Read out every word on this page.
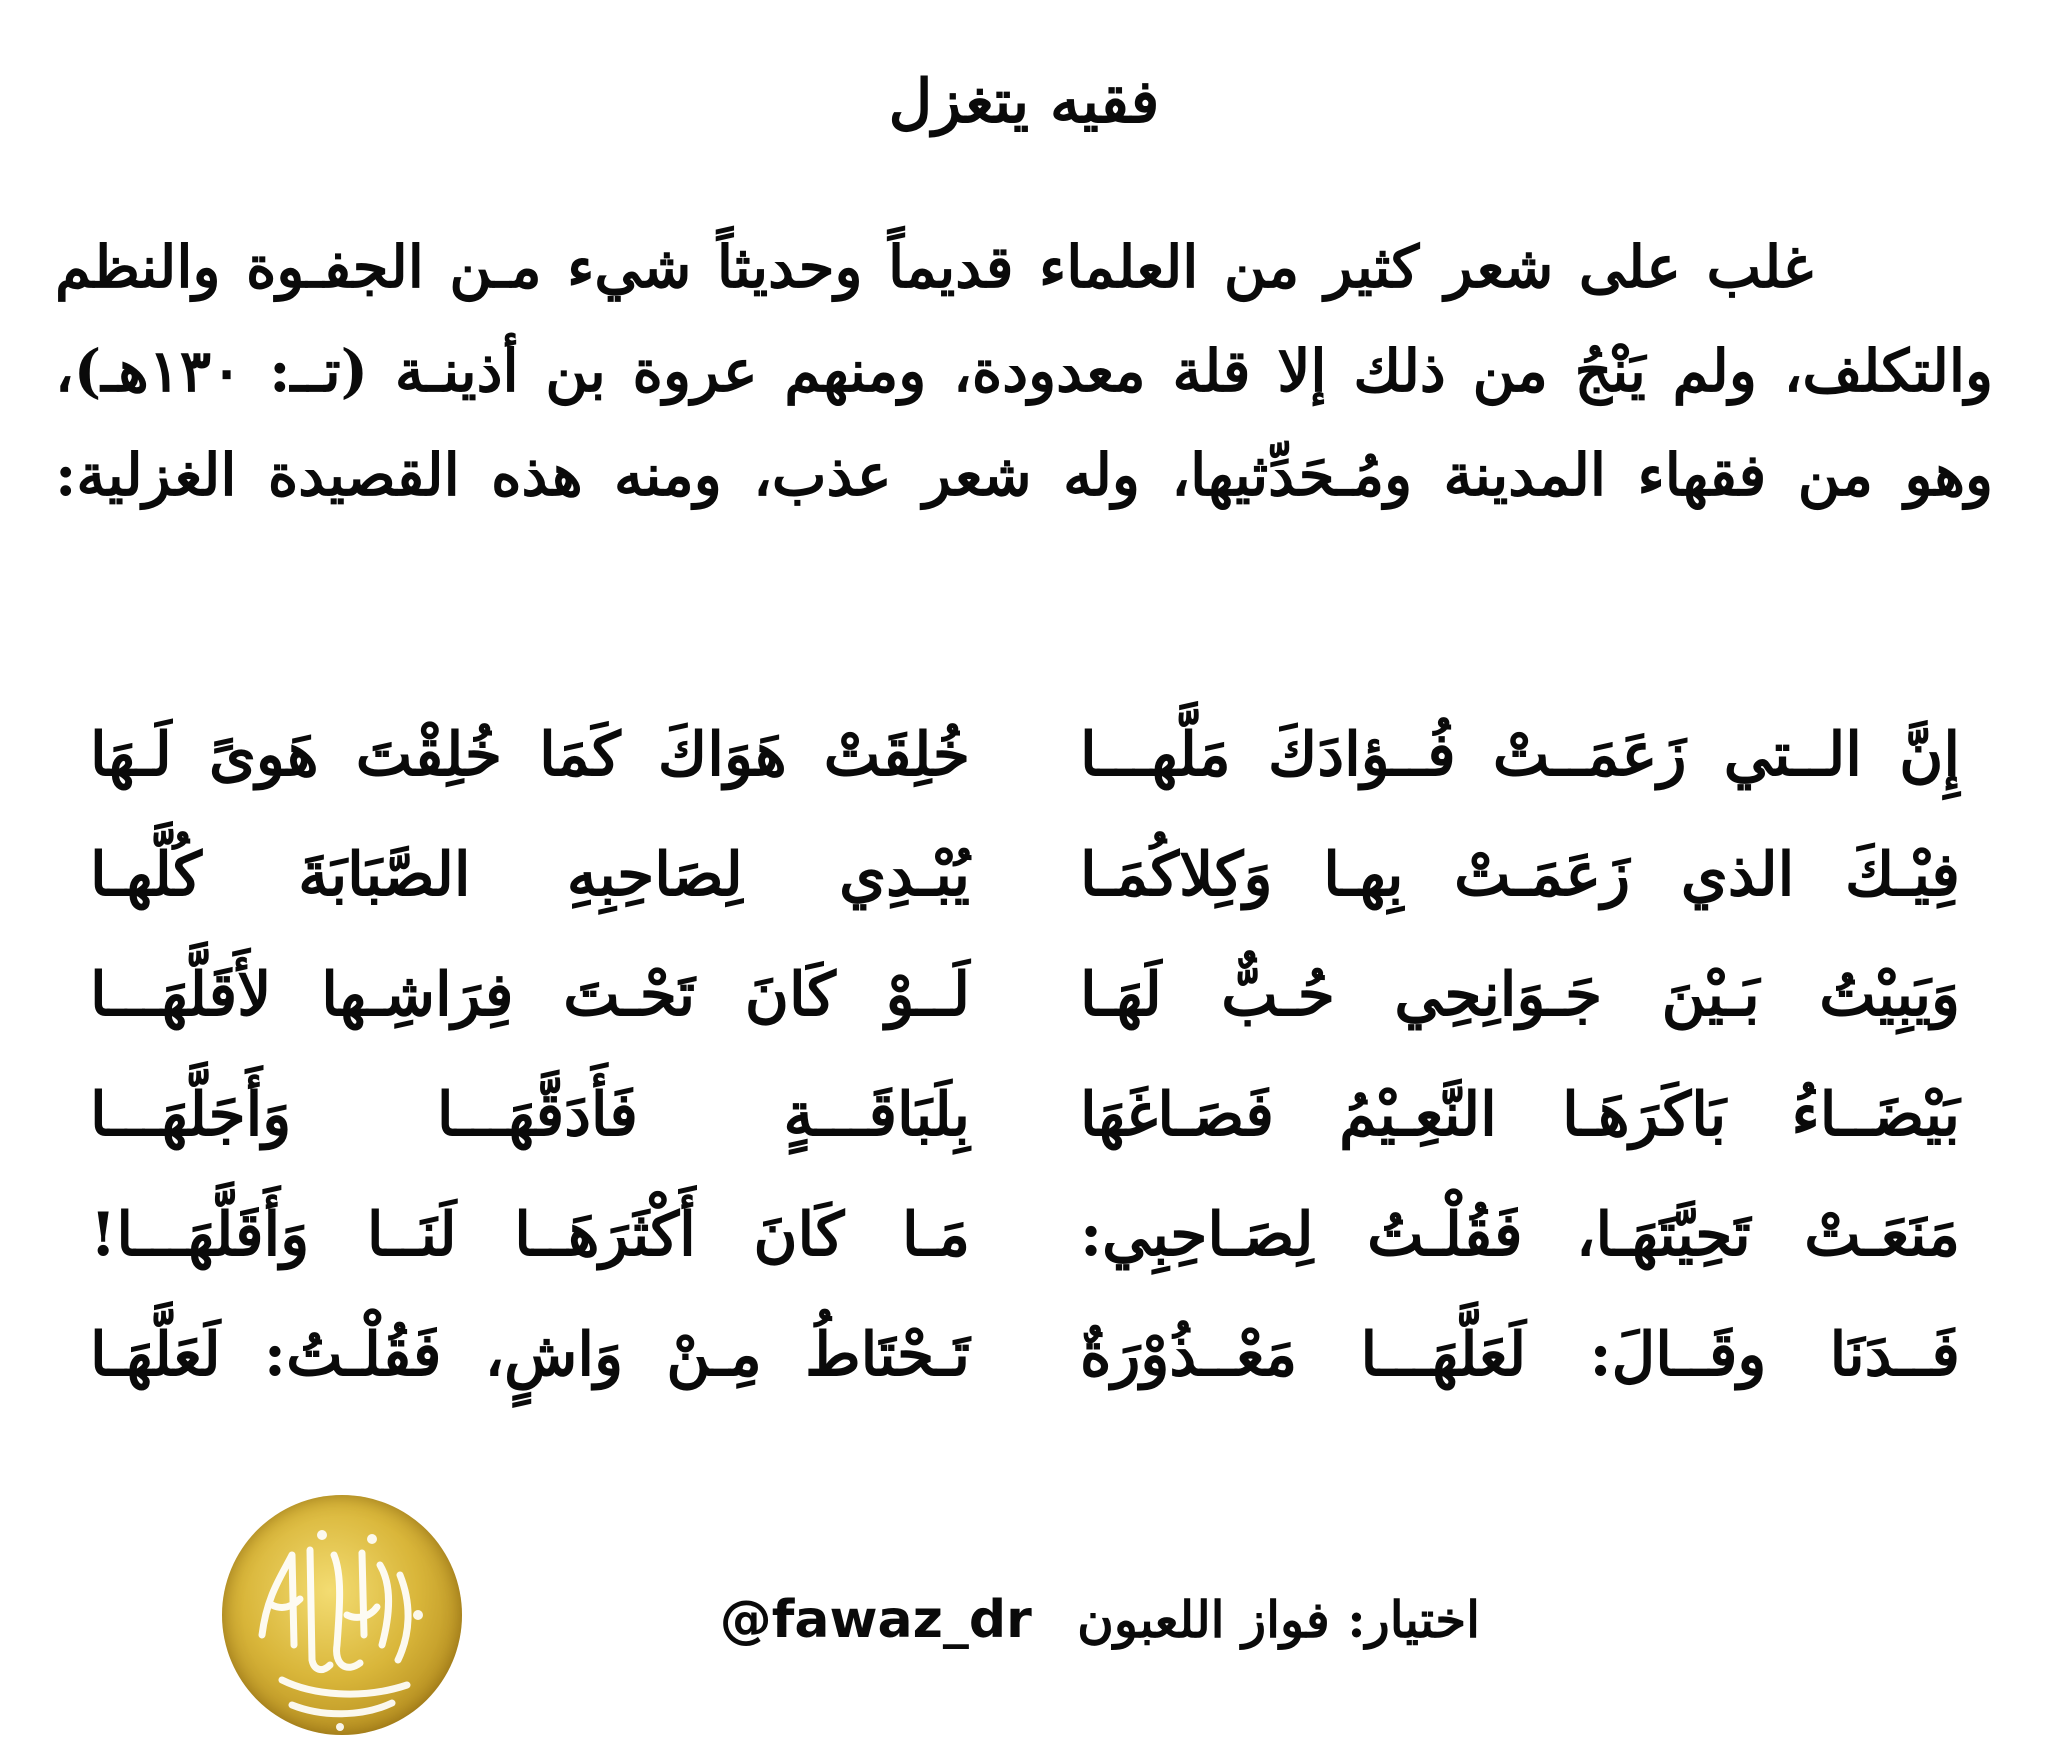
فقيه يتغزل
غلب على شعر كثير من العلماء قديماً وحديثاً شيء مـن الجفـوة والنظم
والتكلف، ولم يَنْجُ من ذلك إلا قلة معدودة، ومنهم عروة بن أذينـة (تــ: ١٣٠هـ)،
وهو من فقهاء المدينة ومُـحَدِّثيها، وله شعر عذب، ومنه هذه القصيدة الغزلية:
إِنَّ الــتي زَعَمَــتْ فُــؤادَكَ مَلَّهـــا
خُلِقَتْ هَوَاكَ كَمَا خُلِقْتَ هَوىً لَـهَا
فِيْـكَ الذي زَعَمَـتْ بِهـا وَكِلاكُمَـا
يُبْـدِي لِصَاحِبِهِ الصَّبَابَةَ كُلَّهـا
وَيَبِيْتُ بَـيْنَ جَـوَانِحِي حُـبٌّ لَهَـا
لَــوْ كَانَ تَحْـتَ فِرَاشِـها لأَقَلَّهَـــا
بَيْضَــاءُ بَاكَرَهَـا النَّعِـيْمُ فَصَـاغَهَا
بِلَبَاقَـــةٍ فَأَدَقَّهَـــا وَأَجَلَّهَـــا
مَنَعَـتْ تَحِيَّتَهَـا، فَقُلْـتُ لِصَـاحِبِي:
مَـا كَانَ أَكْثَرَهَــا لَنَــا وَأَقَلَّهَـــا!
فَــدَنَا وقَــالَ: لَعَلَّهَـــا مَعْــذُوْرَةٌ
تَـحْتَاطُ مِـنْ وَاشٍ، فَقُلْـتُ: لَعَلَّهَـا
اختيار: فواز اللعبون @fawaz_dr
